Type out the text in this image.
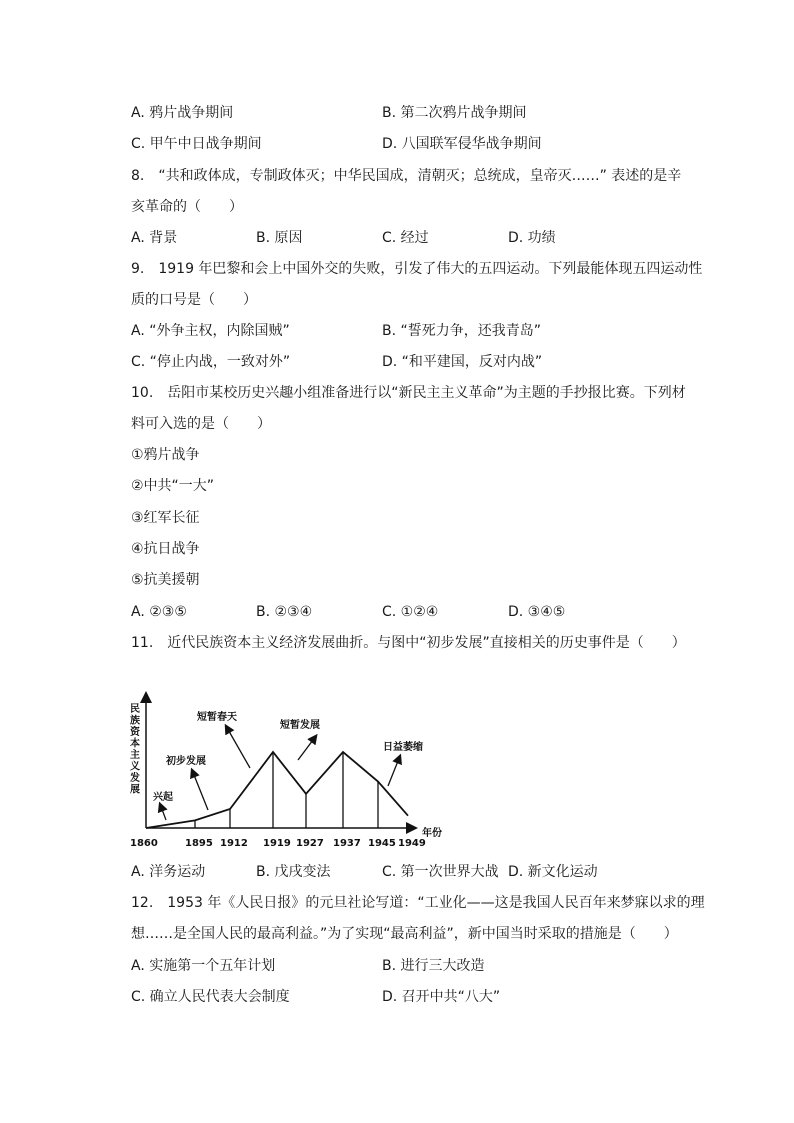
A. 鸦片战争期间	B. 第二次鸦片战争期间
C. 甲午中日战争期间	D. 八国联军侵华战争期间
8.　“共和政体成，专制政体灭；中华民国成，清朝灭；总统成，皇帝灭……” 表述的是辛
亥革命的（　　）
A. 背景	B. 原因	C. 经过	D. 功绩
9.　1919 年巴黎和会上中国外交的失败，引发了伟大的五四运动。下列最能体现五四运动性
质的口号是（　　）
A. “外争主权，内除国贼”	B. “誓死力争，还我青岛”
C. “停止内战，一致对外”	D. “和平建国，反对内战”
10.　岳阳市某校历史兴趣小组准备进行以“新民主主义革命”为主题的手抄报比赛。下列材
料可入选的是（　　）
①鸦片战争
②中共“一大”
③红军长征
④抗日战争
⑤抗美援朝
A. ②③⑤	B. ②③④	C. ①②④	D. ③④⑤
11.　近代民族资本主义经济发展曲折。与图中“初步发展”直接相关的历史事件是（　　）
民族资本主义发展
年份
1860	1895 1912 1919 1927 1937 1945 1949
兴起
初步发展
短暂春天
短暂发展
日益萎缩
A. 洋务运动	B. 戊戌变法	C. 第一次世界大战 D. 新文化运动
12.　1953 年《人民日报》的元旦社论写道：“工业化——这是我国人民百年来梦寐以求的理
想……是全国人民的最高利益。”为了实现“最高利益”，新中国当时采取的措施是（　　）
A. 实施第一个五年计划	B. 进行三大改造
C. 确立人民代表大会制度	D. 召开中共“八大”
